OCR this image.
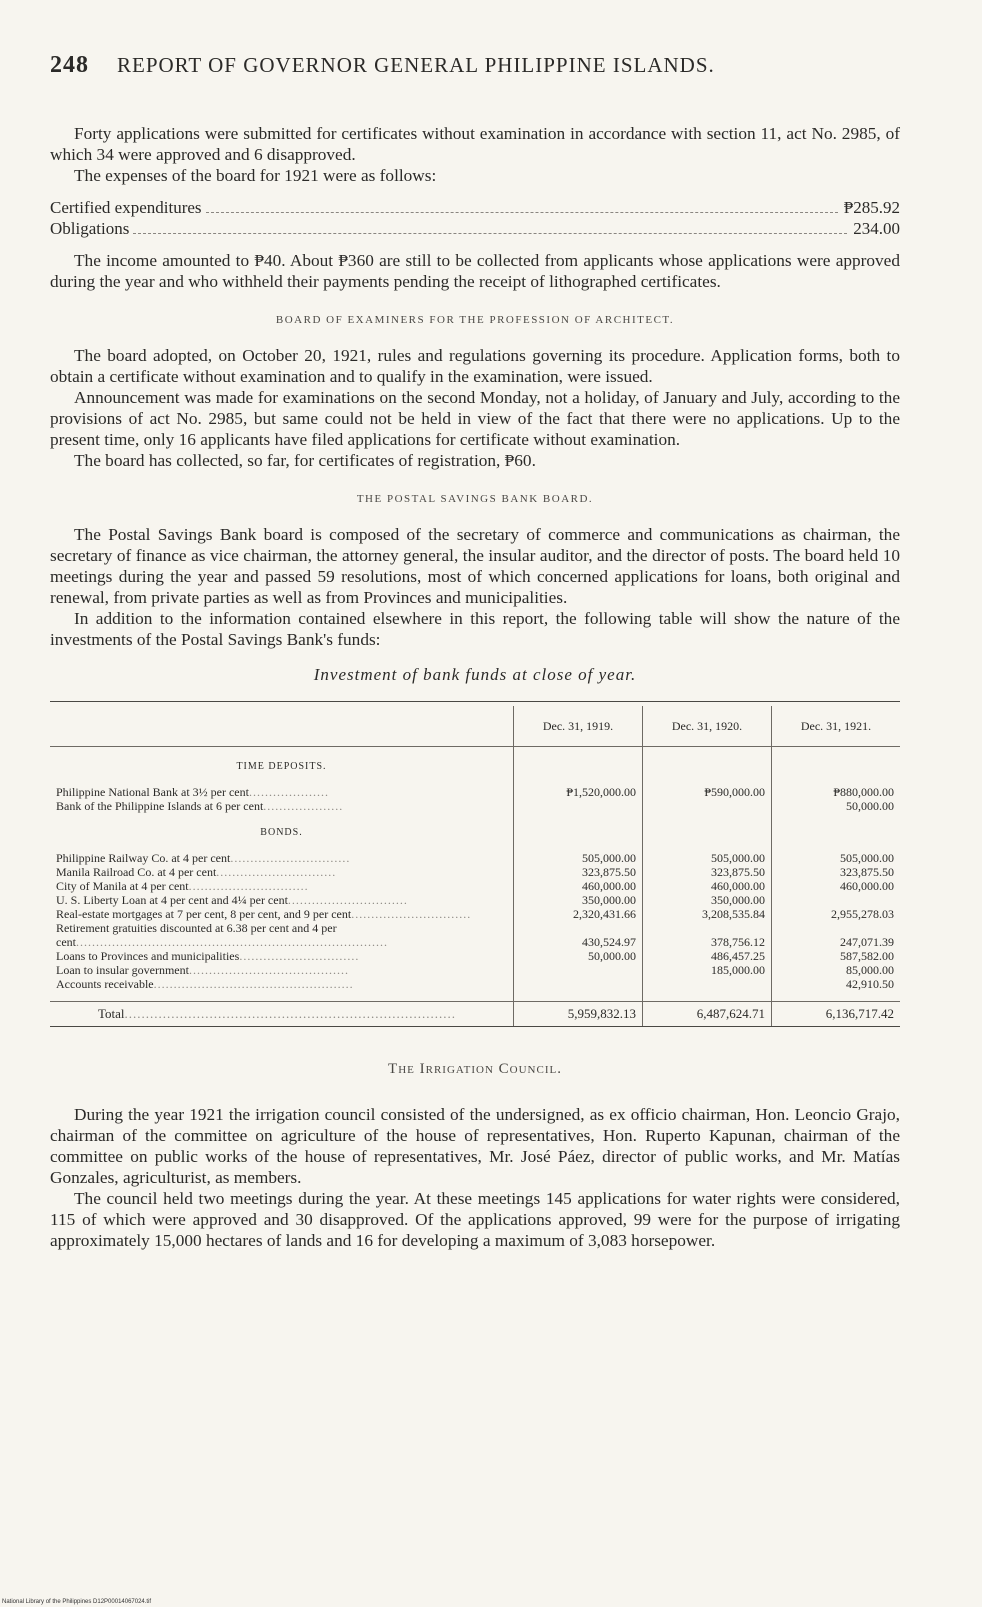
248 REPORT OF GOVERNOR GENERAL PHILIPPINE ISLANDS.

Forty applications were submitted for certificates without examination in accordance with section 11, act No. 2985, of which 34 were approved and 6 disapproved.

The expenses of the board for 1921 were as follows:

Certified expenditures	₱285.92
Obligations	234.00

The income amounted to ₱40. About ₱360 are still to be collected from applicants whose applications were approved during the year and who withheld their payments pending the receipt of lithographed certificates.

BOARD OF EXAMINERS FOR THE PROFESSION OF ARCHITECT.

The board adopted, on October 20, 1921, rules and regulations governing its procedure. Application forms, both to obtain a certificate without examination and to qualify in the examination, were issued.

Announcement was made for examinations on the second Monday, not a holiday, of January and July, according to the provisions of act No. 2985, but same could not be held in view of the fact that there were no applications. Up to the present time, only 16 applicants have filed applications for certificate without examination.

The board has collected, so far, for certificates of registration, ₱60.

THE POSTAL SAVINGS BANK BOARD.

The Postal Savings Bank board is composed of the secretary of commerce and communications as chairman, the secretary of finance as vice chairman, the attorney general, the insular auditor, and the director of posts. The board held 10 meetings during the year and passed 59 resolutions, most of which concerned applications for loans, both original and renewal, from private parties as well as from Provinces and municipalities.

In addition to the information contained elsewhere in this report, the following table will show the nature of the investments of the Postal Savings Bank's funds:

Investment of bank funds at close of year.

	Dec. 31, 1919.	Dec. 31, 1920.	Dec. 31, 1921.
TIME DEPOSITS.			
Philippine National Bank at 3½ per cent....................	₱1,520,000.00	₱590,000.00	₱880,000.00
Bank of the Philippine Islands at 6 per cent....................			50,000.00
BONDS.			
Philippine Railway Co. at 4 per cent..............................	505,000.00	505,000.00	505,000.00
Manila Railroad Co. at 4 per cent..............................	323,875.50	323,875.50	323,875.50
City of Manila at 4 per cent..............................	460,000.00	460,000.00	460,000.00
U. S. Liberty Loan at 4 per cent and 4¼ per cent..............................	350,000.00	350,000.00	
Real-estate mortgages at 7 per cent, 8 per cent, and 9 per cent..............................	2,320,431.66	3,208,535.84	2,955,278.03
Retirement gratuities discounted at 6.38 per cent and 4 per
cent..............................................................................	430,524.97	378,756.12	247,071.39
Loans to Provinces and municipalities..............................	50,000.00	486,457.25	587,582.00
Loan to insular government........................................		185,000.00	85,000.00
Accounts receivable..................................................			42,910.50

Total..............................................................................	5,959,832.13	6,487,624.71	6,136,717.42
The Irrigation Council.

During the year 1921 the irrigation council consisted of the undersigned, as ex officio chairman, Hon. Leoncio Grajo, chairman of the committee on agriculture of the house of representatives, Hon. Ruperto Kapunan, chairman of the committee on public works of the house of representatives, Mr. José Páez, director of public works, and Mr. Matías Gonzales, agriculturist, as members.

The council held two meetings during the year. At these meetings 145 applications for water rights were considered, 115 of which were approved and 30 disapproved. Of the applications approved, 99 were for the purpose of irrigating approximately 15,000 hectares of lands and 16 for developing a maximum of 3,083 horsepower.

National Library of the Philippines D12P00014067024.tif
